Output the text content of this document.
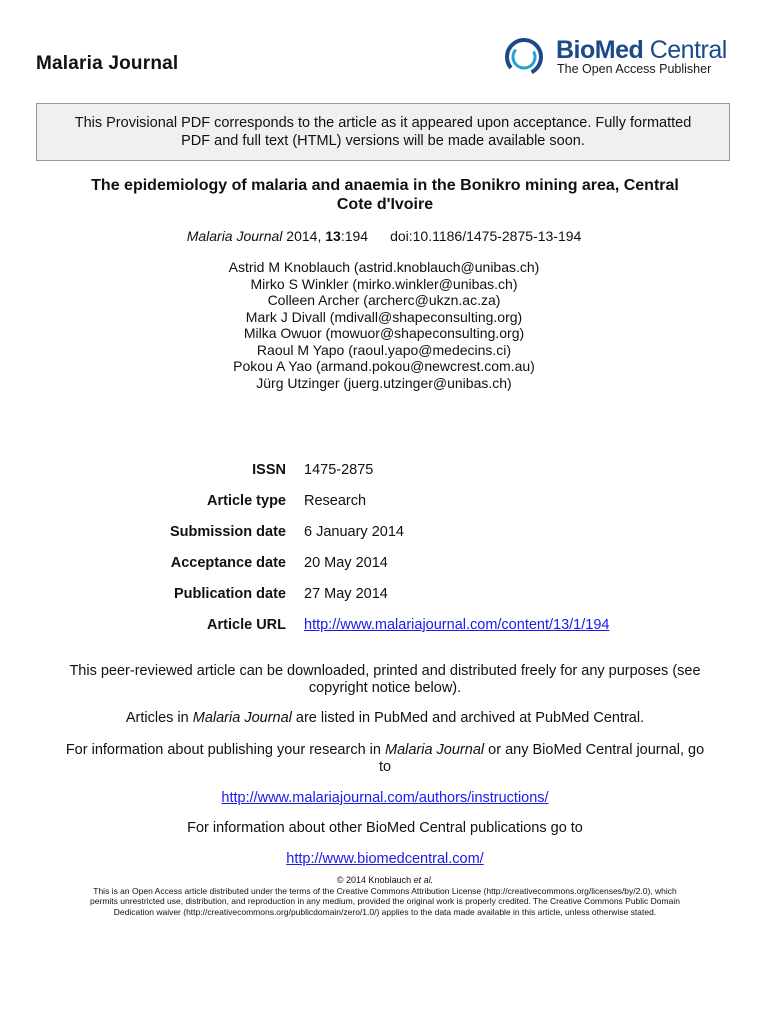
Malaria Journal	BioMed Central
The Open Access Publisher
This Provisional PDF corresponds to the article as it appeared upon acceptance. Fully formatted
PDF and full text (HTML) versions will be made available soon.
The epidemiology of malaria and anaemia in the Bonikro mining area, Central
Cote d'Ivoire
Malaria Journal 2014, 13:194 doi:10.1186/1475-2875-13-194
Astrid M Knoblauch (astrid.knoblauch@unibas.ch)
Mirko S Winkler (mirko.winkler@unibas.ch)
Colleen Archer (archerc@ukzn.ac.za)
Mark J Divall (mdivall@shapeconsulting.org)
Milka Owuor (mowuor@shapeconsulting.org)
Raoul M Yapo (raoul.yapo@medecins.ci)
Pokou A Yao (armand.pokou@newcrest.com.au)
Jürg Utzinger (juerg.utzinger@unibas.ch)
ISSN 1475-2875
Article type Research
Submission date 6 January 2014
Acceptance date 20 May 2014
Publication date 27 May 2014
Article URL http://www.malariajournal.com/content/13/1/194
This peer-reviewed article can be downloaded, printed and distributed freely for any purposes (see
copyright notice below).
Articles in Malaria Journal are listed in PubMed and archived at PubMed Central.
For information about publishing your research in Malaria Journal or any BioMed Central journal, go
to
http://www.malariajournal.com/authors/instructions/
For information about other BioMed Central publications go to
http://www.biomedcentral.com/
© 2014 Knoblauch et al.
This is an Open Access article distributed under the terms of the Creative Commons Attribution License (http://creativecommons.org/licenses/by/2.0), which
permits unrestricted use, distribution, and reproduction in any medium, provided the original work is properly credited. The Creative Commons Public Domain
Dedication waiver (http://creativecommons.org/publicdomain/zero/1.0/) applies to the data made available in this article, unless otherwise stated.
